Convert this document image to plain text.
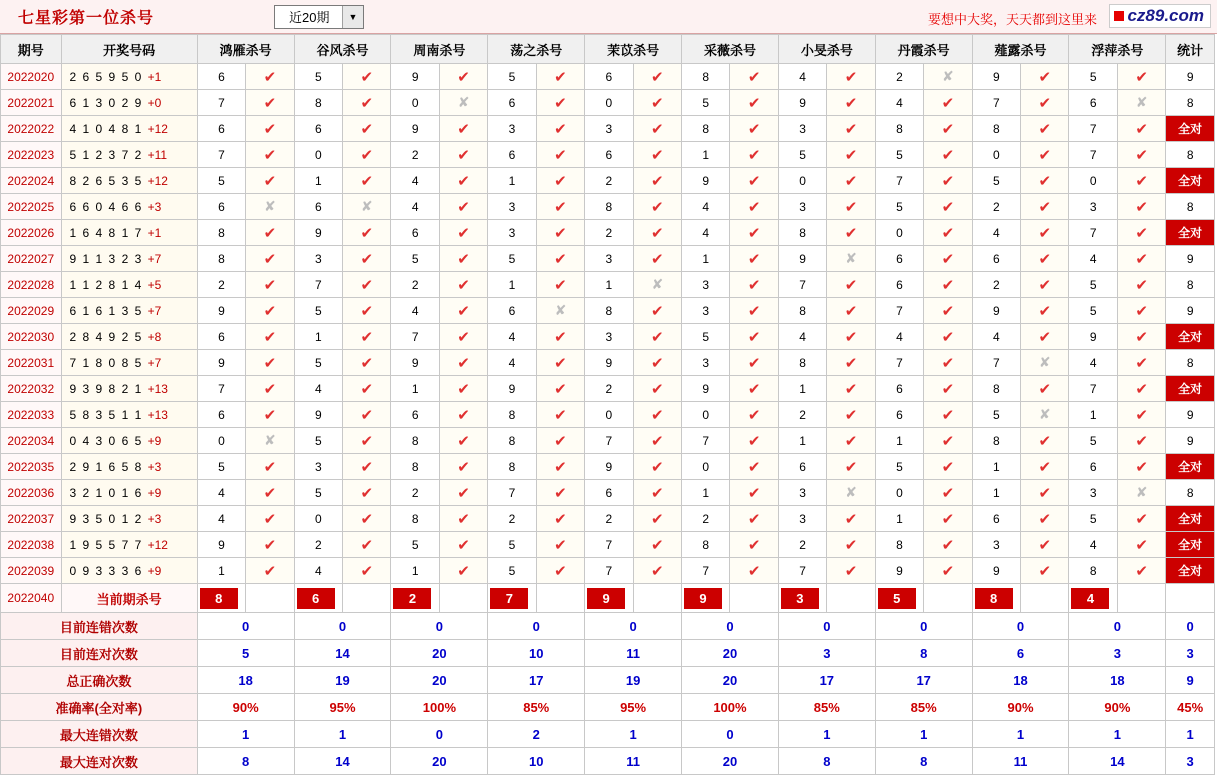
七星彩第一位杀号	近20期	▼	要想中大奖，天天都到这里来 cz89.com
期号	开奖号码	鸿雁杀号		谷风杀号		周南杀号		荡之杀号		茉苡杀号		采薇杀号		小旻杀号		丹霞杀号		薤露杀号		浮萍杀号		统计
2022020	2 6 5 9 5 0 +1	6	✔	5	✔	9	✔	5	✔	6	✔	8	✔	4	✔	2	✘	9	✔	5	✔	9
2022021	6 1 3 0 2 9 +0	7	✔	8	✔	0	✘	6	✔	0	✔	5	✔	9	✔	4	✔	7	✔	6	✘	8
2022022	4 1 0 4 8 1 +12	6	✔	6	✔	9	✔	3	✔	3	✔	8	✔	3	✔	8	✔	8	✔	7	✔	全对
2022023	5 1 2 3 7 2 +11	7	✔	0	✔	2	✔	6	✔	6	✔	1	✔	5	✔	5	✔	0	✔	7	✔	8
2022024	8 2 6 5 3 5 +12	5	✔	1	✔	4	✔	1	✔	2	✔	9	✔	0	✔	7	✔	5	✔	0	✔	全对
2022025	6 6 0 4 6 6 +3	6	✘	6	✘	4	✔	3	✔	8	✔	4	✔	3	✔	5	✔	2	✔	3	✔	8
2022026	1 6 4 8 1 7 +1	8	✔	9	✔	6	✔	3	✔	2	✔	4	✔	8	✔	0	✔	4	✔	7	✔	全对
2022027	9 1 1 3 2 3 +7	8	✔	3	✔	5	✔	5	✔	3	✔	1	✔	9	✘	6	✔	6	✔	4	✔	9
2022028	1 1 2 8 1 4 +5	2	✔	7	✔	2	✔	1	✔	1	✘	3	✔	7	✔	6	✔	2	✔	5	✔	8
2022029	6 1 6 1 3 5 +7	9	✔	5	✔	4	✔	6	✘	8	✔	3	✔	8	✔	7	✔	9	✔	5	✔	9
2022030	2 8 4 9 2 5 +8	6	✔	1	✔	7	✔	4	✔	3	✔	5	✔	4	✔	4	✔	4	✔	9	✔	全对
2022031	7 1 8 0 8 5 +7	9	✔	5	✔	9	✔	4	✔	9	✔	3	✔	8	✔	7	✔	7	✘	4	✔	8
2022032	9 3 9 8 2 1 +13	7	✔	4	✔	1	✔	9	✔	2	✔	9	✔	1	✔	6	✔	8	✔	7	✔	全对
2022033	5 8 3 5 1 1 +13	6	✔	9	✔	6	✔	8	✔	0	✔	0	✔	2	✔	6	✔	5	✘	1	✔	9
2022034	0 4 3 0 6 5 +9	0	✘	5	✔	8	✔	8	✔	7	✔	7	✔	1	✔	1	✔	8	✔	5	✔	9
2022035	2 9 1 6 5 8 +3	5	✔	3	✔	8	✔	8	✔	9	✔	0	✔	6	✔	5	✔	1	✔	6	✔	全对
2022036	3 2 1 0 1 6 +9	4	✔	5	✔	2	✔	7	✔	6	✔	1	✔	3	✘	0	✔	1	✔	3	✘	8
2022037	9 3 5 0 1 2 +3	4	✔	0	✔	8	✔	2	✔	2	✔	2	✔	3	✔	1	✔	6	✔	5	✔	全对
2022038	1 9 5 5 7 7 +12	9	✔	2	✔	5	✔	5	✔	7	✔	8	✔	2	✔	8	✔	3	✔	4	✔	全对
2022039	0 9 3 3 3 6 +9	1	✔	4	✔	1	✔	5	✔	7	✔	7	✔	7	✔	9	✔	9	✔	8	✔	全对
2022040	当前期杀号	8		6		2		7		9		9		3		5		8		4		
目前连错次数		0		0		0		0		0		0		0		0		0		0		0
目前连对次数		5		14		20		10		11		20		3		8		6		3		3
总正确次数		18		19		20		17		19		20		17		17		18		18		9
准确率(全对率)		90%		95%		100%		85%		95%		100%		85%		85%		90%		90%		45%
最大连错次数		1		1		0		2		1		0		1		1		1		1		1
最大连对次数		8		14		20		10		11		20		8		8		11		14		3
